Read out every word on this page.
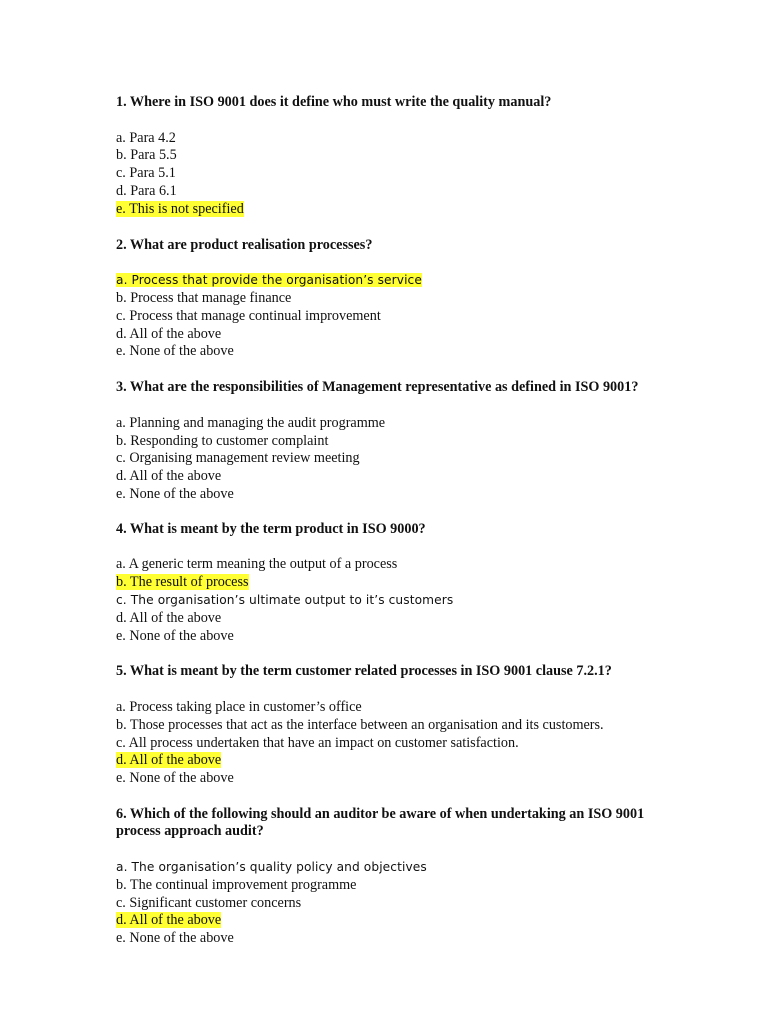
1. Where in ISO 9001 does it define who must write the quality manual?

a. Para 4.2

b. Para 5.5

c. Para 5.1

d. Para 6.1

e. This is not specified

2. What are product realisation processes?

a. Process that provide the organisation’s service

b. Process that manage finance

c. Process that manage continual improvement

d. All of the above

e. None of the above

3. What are the responsibilities of Management representative as defined in ISO 9001?

a. Planning and managing the audit programme

b. Responding to customer complaint

c. Organising management review meeting

d. All of the above

e. None of the above

4. What is meant by the term product in ISO 9000?

a. A generic term meaning the output of a process

b. The result of process

c. The organisation’s ultimate output to it’s customers

d. All of the above

e. None of the above

5. What is meant by the term customer related processes in ISO 9001 clause 7.2.1?

a. Process taking place in customer’s office

b. Those processes that act as the interface between an organisation and its customers.

c. All process undertaken that have an impact on customer satisfaction.

d. All of the above

e. None of the above

6. Which of the following should an auditor be aware of when undertaking an ISO 9001 process approach audit?

a. The organisation’s quality policy and objectives

b. The continual improvement programme

c. Significant customer concerns

d. All of the above

e. None of the above
